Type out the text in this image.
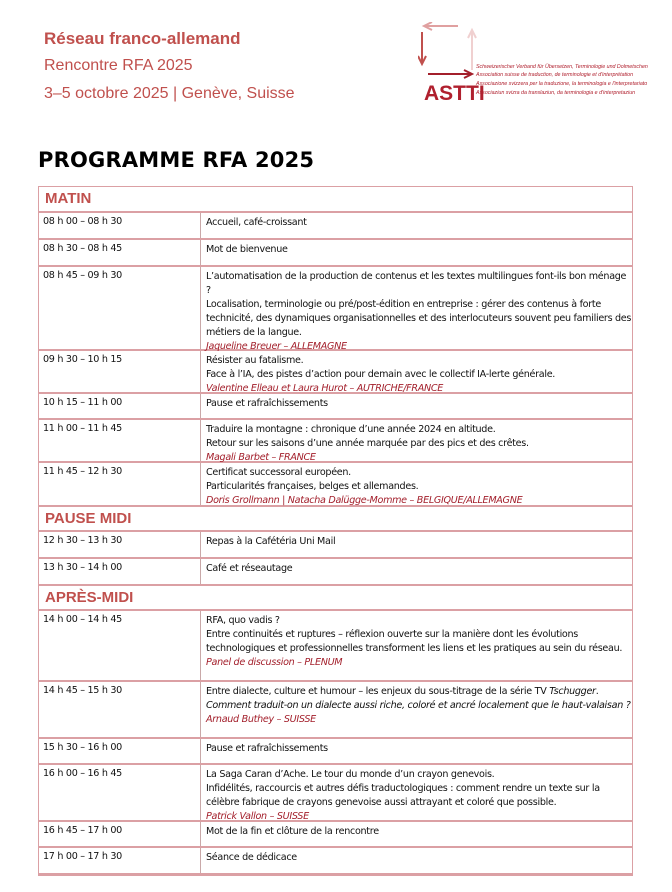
Réseau franco-allemand
Rencontre RFA 2025
3–5 octobre 2025 | Genève, Suisse	ASTTI
Schweizerischer Verband für Übersetzen, Terminologie und Dolmetschen
Association suisse de traduction, de terminologie et d'interprétation
Associazione svizzera per la traduzione, la terminologia e l'interpretariato
Associaziun svizra da translaziun, da terminologia e d'interpretaziun
PROGRAMME RFA 2025
MATIN
08 h 00 – 08 h 30	Accueil, café-croissant
08 h 30 – 08 h 45	Mot de bienvenue
08 h 45 – 09 h 30	L’automatisation de la production de contenus et les textes multilingues font-ils bon ménage ?
Localisation, terminologie ou pré/post-édition en entreprise : gérer des contenus à forte technicité, des dynamiques organisationnelles et des interlocuteurs souvent peu familiers des métiers de la langue.
Jaqueline Breuer – ALLEMAGNE
09 h 30 – 10 h 15	Résister au fatalisme.
Face à l’IA, des pistes d’action pour demain avec le collectif IA-lerte générale.
Valentine Elleau et Laura Hurot – AUTRICHE/FRANCE
10 h 15 – 11 h 00	Pause et rafraîchissements
11 h 00 – 11 h 45	Traduire la montagne : chronique d’une année 2024 en altitude.
Retour sur les saisons d’une année marquée par des pics et des crêtes.
Magali Barbet – FRANCE
11 h 45 – 12 h 30	Certificat successoral européen.
Particularités françaises, belges et allemandes.
Doris Grollmann | Natacha Dalügge-Momme – BELGIQUE/ALLEMAGNE
PAUSE MIDI
12 h 30 – 13 h 30	Repas à la Cafétéria Uni Mail
13 h 30 – 14 h 00	Café et réseautage
APRÈS-MIDI
14 h 00 – 14 h 45	RFA, quo vadis ?
Entre continuités et ruptures – réflexion ouverte sur la manière dont les évolutions technologiques et professionnelles transforment les liens et les pratiques au sein du réseau.
Panel de discussion – PLENUM
14 h 45 – 15 h 30	Entre dialecte, culture et humour – les enjeux du sous-titrage de la série TV Tschugger.
Comment traduit-on un dialecte aussi riche, coloré et ancré localement que le haut-valaisan ?
Arnaud Buthey – SUISSE
15 h 30 – 16 h 00	Pause et rafraîchissements
16 h 00 – 16 h 45	La Saga Caran d’Ache. Le tour du monde d’un crayon genevois.
Infidélités, raccourcis et autres défis traductologiques : comment rendre un texte sur la célèbre fabrique de crayons genevoise aussi attrayant et coloré que possible.
Patrick Vallon – SUISSE
16 h 45 – 17 h 00	Mot de la fin et clôture de la rencontre
17 h 00 – 17 h 30	Séance de dédicace
